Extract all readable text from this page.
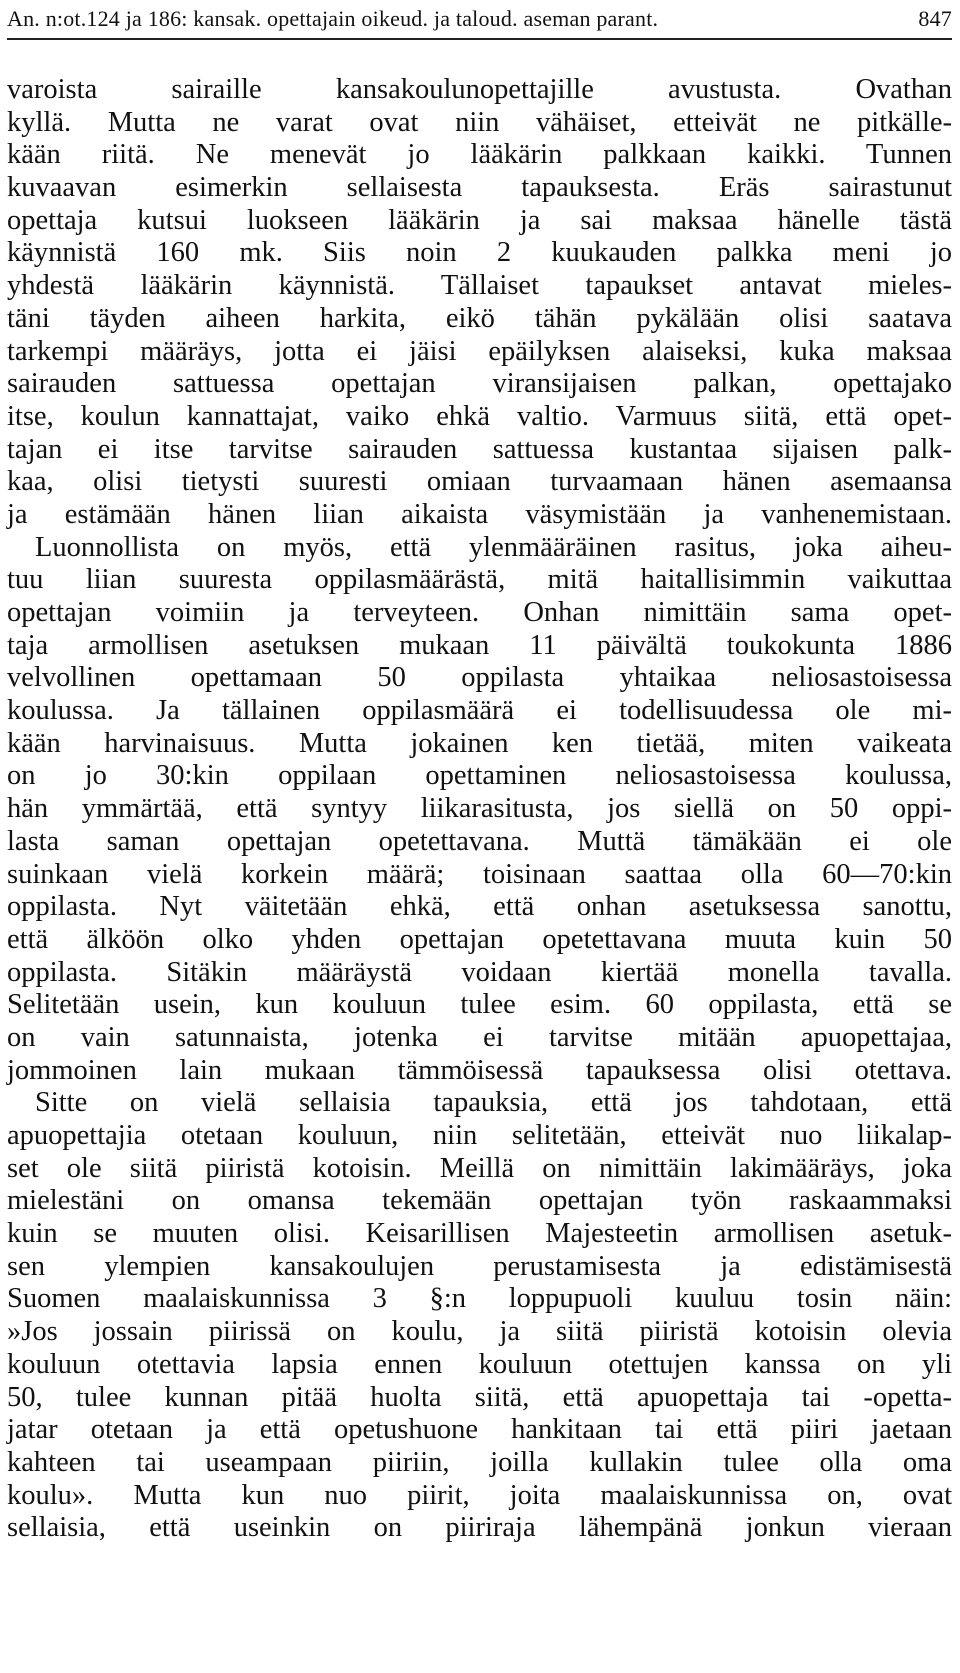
An. n:ot.124 ja 186: kansak. opettajain oikeud. ja taloud. aseman parant.	847
varoista sairaille kansakoulunopettajille avustusta. Ovathan
kyllä. Mutta ne varat ovat niin vähäiset, etteivät ne pitkälle-
kään riitä. Ne menevät jo lääkärin palkkaan kaikki. Tunnen
kuvaavan esimerkin sellaisesta tapauksesta. Eräs sairastunut
opettaja kutsui luokseen lääkärin ja sai maksaa hänelle tästä
käynnistä 160 mk. Siis noin 2 kuukauden palkka meni jo
yhdestä lääkärin käynnistä. Tällaiset tapaukset antavat mieles-
täni täyden aiheen harkita, eikö tähän pykälään olisi saatava
tarkempi määräys, jotta ei jäisi epäilyksen alaiseksi, kuka maksaa
sairauden sattuessa opettajan viransijaisen palkan, opettajako
itse, koulun kannattajat, vaiko ehkä valtio. Varmuus siitä, että opet-
tajan ei itse tarvitse sairauden sattuessa kustantaa sijaisen palk-
kaa, olisi tietysti suuresti omiaan turvaamaan hänen asemaansa
ja estämään hänen liian aikaista väsymistään ja vanhenemistaan.
Luonnollista on myös, että ylenmääräinen rasitus, joka aiheu-
tuu liian suuresta oppilasmäärästä, mitä haitallisimmin vaikuttaa
opettajan voimiin ja terveyteen. Onhan nimittäin sama opet-
taja armollisen asetuksen mukaan 11 päivältä toukokunta 1886
velvollinen opettamaan 50 oppilasta yhtaikaa neliosastoisessa
koulussa. Ja tällainen oppilasmäärä ei todellisuudessa ole mi-
kään harvinaisuus. Mutta jokainen ken tietää, miten vaikeata
on jo 30:kin oppilaan opettaminen neliosastoisessa koulussa,
hän ymmärtää, että syntyy liikarasitusta, jos siellä on 50 oppi-
lasta saman opettajan opetettavana. Muttä tämäkään ei ole
suinkaan vielä korkein määrä; toisinaan saattaa olla 60—70:kin
oppilasta. Nyt väitetään ehkä, että onhan asetuksessa sanottu,
että älköön olko yhden opettajan opetettavana muuta kuin 50
oppilasta. Sitäkin määräystä voidaan kiertää monella tavalla.
Selitetään usein, kun kouluun tulee esim. 60 oppilasta, että se
on vain satunnaista, jotenka ei tarvitse mitään apuopettajaa,
jommoinen lain mukaan tämmöisessä tapauksessa olisi otettava.
Sitte on vielä sellaisia tapauksia, että jos tahdotaan, että
apuopettajia otetaan kouluun, niin selitetään, etteivät nuo liikalap-
set ole siitä piiristä kotoisin. Meillä on nimittäin lakimääräys, joka
mielestäni on omansa tekemään opettajan työn raskaammaksi
kuin se muuten olisi. Keisarillisen Majesteetin armollisen asetuk-
sen ylempien kansakoulujen perustamisesta ja edistämisestä
Suomen maalaiskunnissa 3 §:n loppupuoli kuuluu tosin näin:
»Jos jossain piirissä on koulu, ja siitä piiristä kotoisin olevia
kouluun otettavia lapsia ennen kouluun otettujen kanssa on yli
50, tulee kunnan pitää huolta siitä, että apuopettaja tai -opetta-
jatar otetaan ja että opetushuone hankitaan tai että piiri jaetaan
kahteen tai useampaan piiriin, joilla kullakin tulee olla oma
koulu». Mutta kun nuo piirit, joita maalaiskunnissa on, ovat
sellaisia, että useinkin on piiriraja lähempänä jonkun vieraan
